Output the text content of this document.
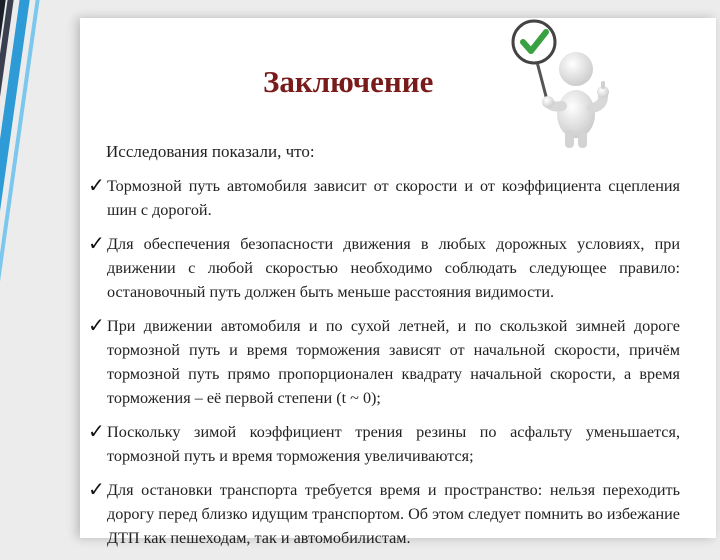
Заключение

Исследования показали, что:

✓ Тормозной путь автомобиля зависит от скорости и от коэффициента сцепления шин с дорогой.

✓ Для обеспечения безопасности движения в любых дорожных условиях, при движении с любой скоростью необходимо соблюдать следующее правило: остановочный путь должен быть меньше расстояния видимости.

✓ При движении автомобиля и по сухой летней, и по скользкой зимней дороге тормозной путь и время торможения зависят от начальной скорости, причём тормозной путь прямо пропорционален квадрату начальной скорости, а время торможения – её первой степени (t ~ 0);

✓ Поскольку зимой коэффициент трения резины по асфальту уменьшается, тормозной путь и время торможения увеличиваются;

✓ Для остановки транспорта требуется время и пространство: нельзя переходить дорогу перед близко идущим транспортом. Об этом следует помнить во избежание ДТП как пешеходам, так и автомобилистам.
